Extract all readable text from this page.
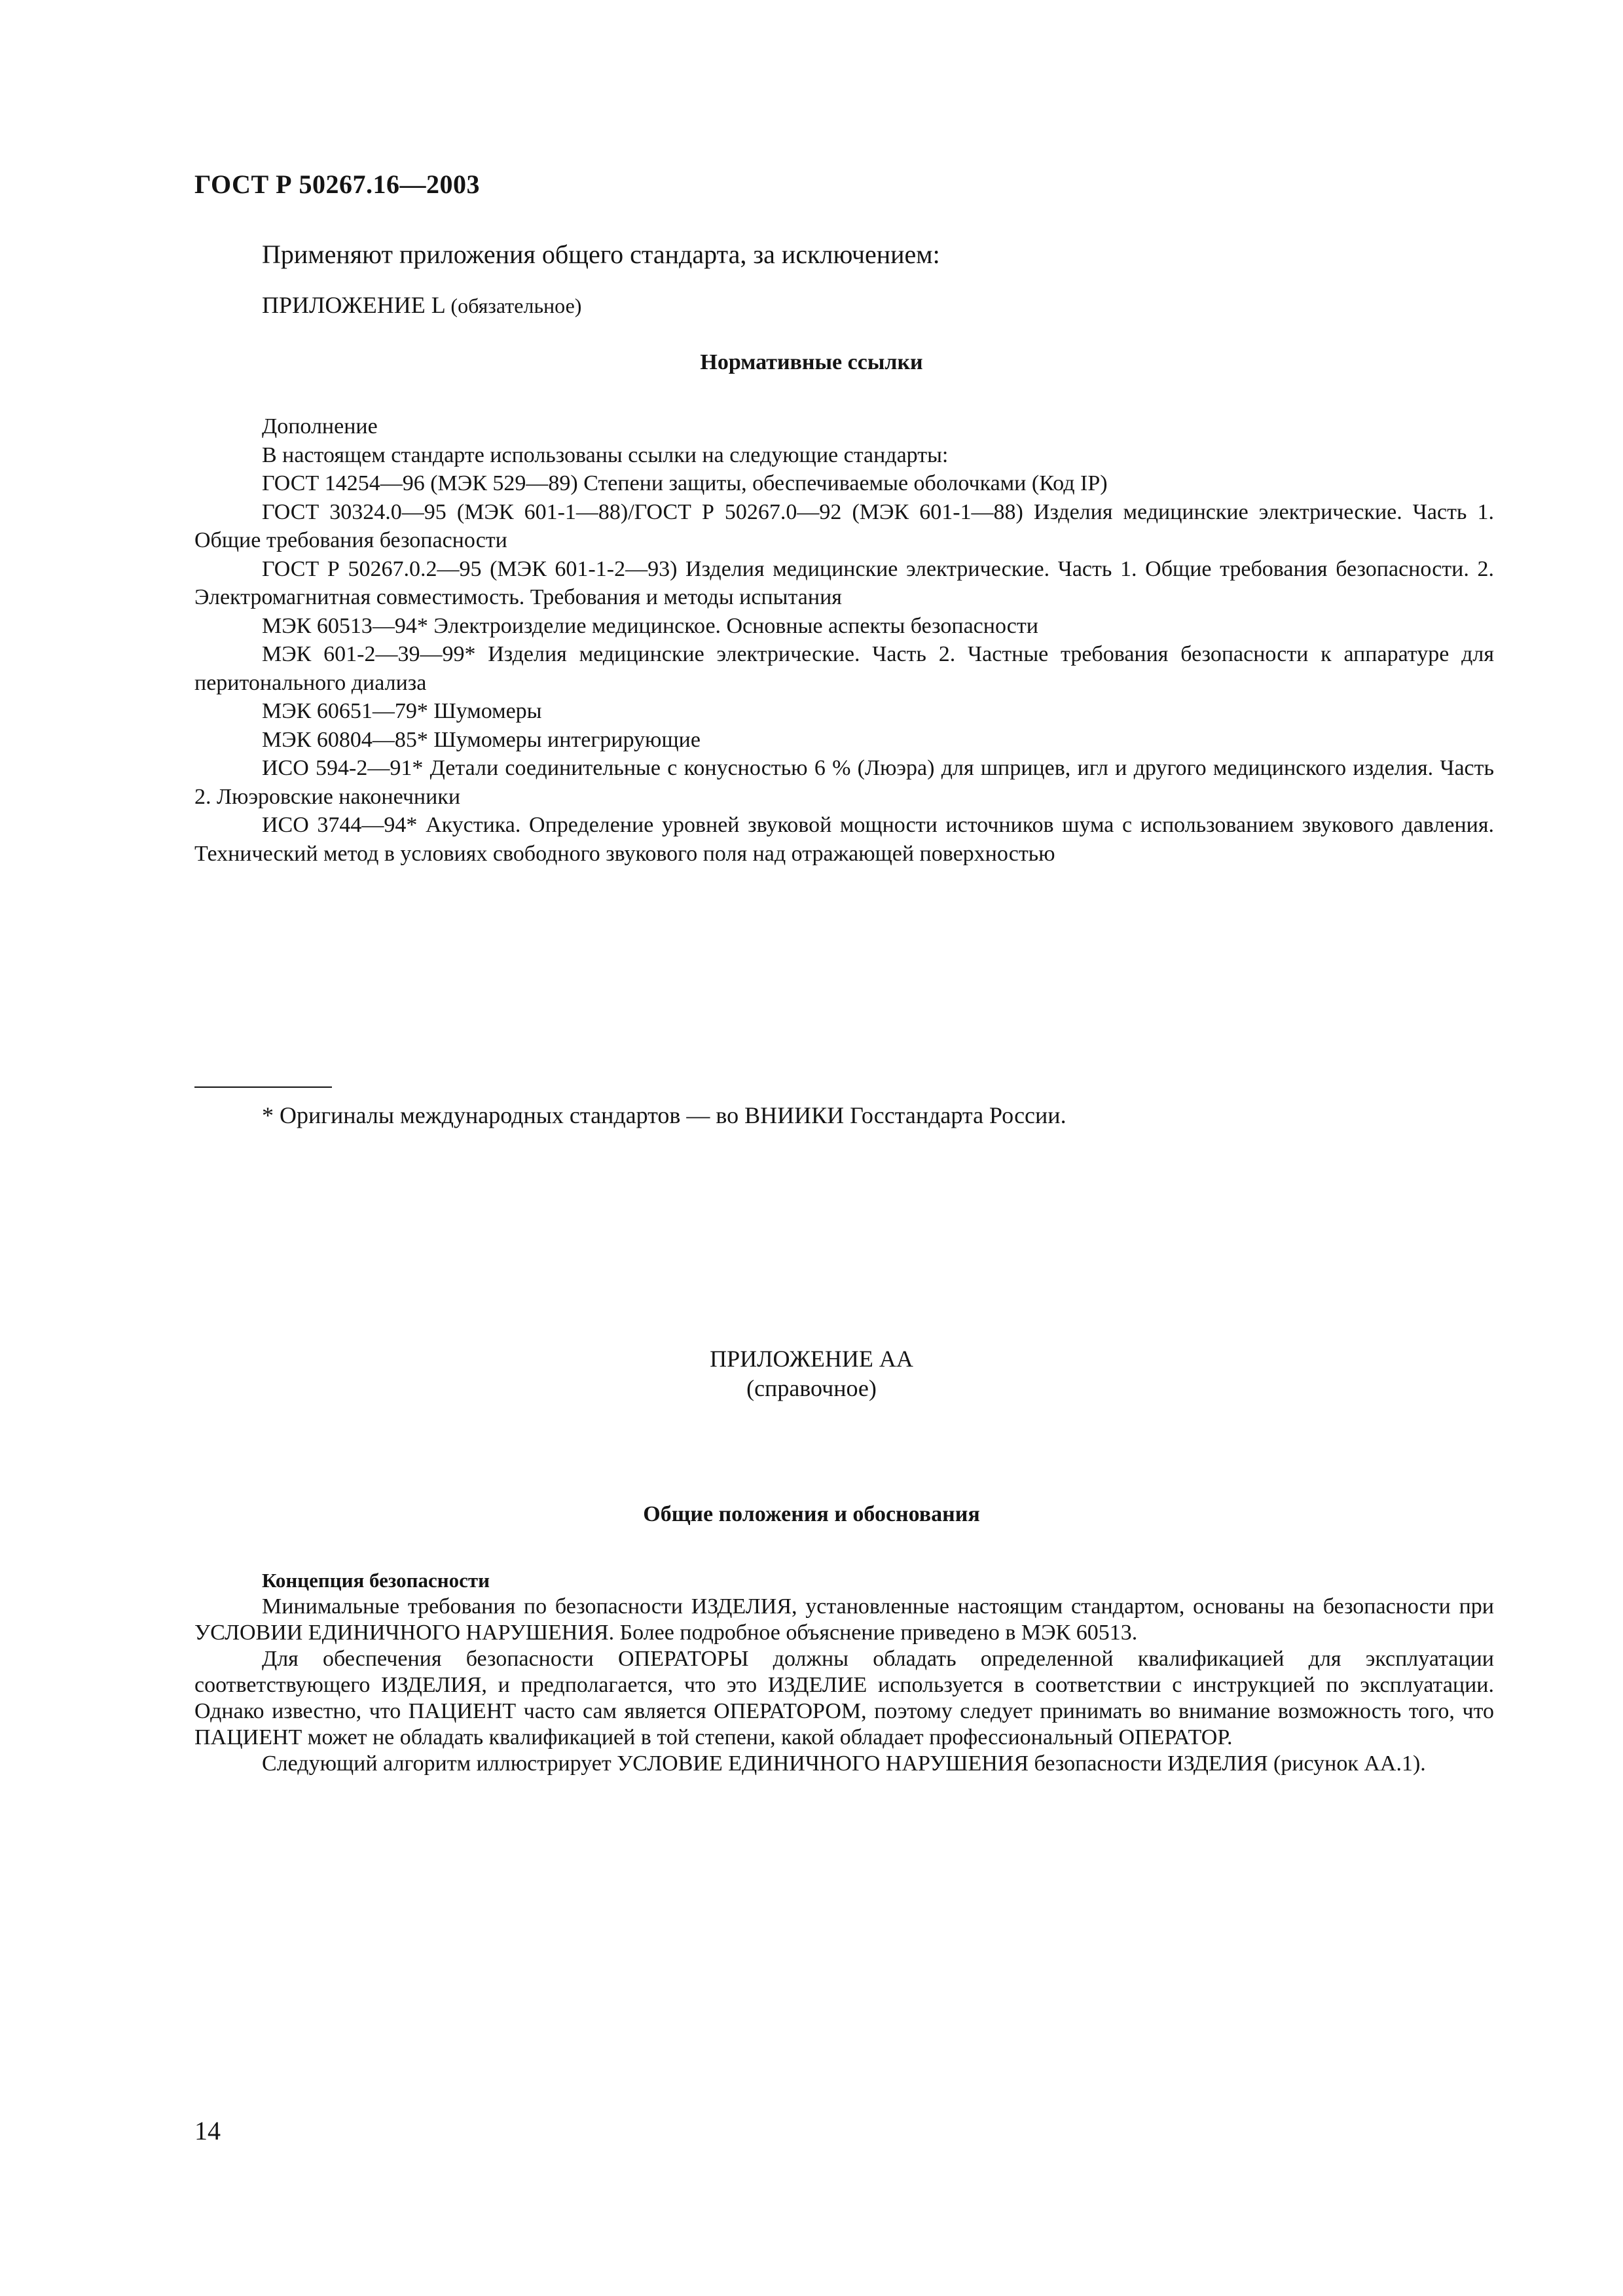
ГОСТ Р 50267.16—2003
Применяют приложения общего стандарта, за исключением:
ПРИЛОЖЕНИЕ L (обязательное)
Нормативные ссылки

Дополнение

В настоящем стандарте использованы ссылки на следующие стандарты:

ГОСТ 14254—96 (МЭК 529—89) Степени защиты, обеспечиваемые оболочками (Код IP)

ГОСТ 30324.0—95 (МЭК 601-1—88)/ГОСТ Р 50267.0—92 (МЭК 601-1—88) Изделия медицинские электрические. Часть 1. Общие требования безопасности

ГОСТ Р 50267.0.2—95 (МЭК 601-1-2—93) Изделия медицинские электрические. Часть 1. Общие требования безопасности. 2. Электромагнитная совместимость. Требования и методы испытания

МЭК 60513—94* Электроизделие медицинское. Основные аспекты безопасности

МЭК 601-2—39—99* Изделия медицинские электрические. Часть 2. Частные требования безопасности к аппаратуре для перитонального диализа

МЭК 60651—79* Шумомеры

МЭК 60804—85* Шумомеры интегрирующие

ИСО 594-2—91* Детали соединительные с конусностью 6 % (Люэра) для шприцев, игл и другого медицинского изделия. Часть 2. Люэровские наконечники

ИСО 3744—94* Акустика. Определение уровней звуковой мощности источников шума с использованием звукового давления. Технический метод в условиях свободного звукового поля над отражающей поверхностью

* Оригиналы международных стандартов — во ВНИИКИ Госстандарта России.
ПРИЛОЖЕНИЕ АА
(справочное)
Общие положения и обоснования

Концепция безопасности

Минимальные требования по безопасности ИЗДЕЛИЯ, установленные настоящим стандартом, основаны на безопасности при УСЛОВИИ ЕДИНИЧНОГО НАРУШЕНИЯ. Более подробное объяснение приведено в МЭК 60513.

Для обеспечения безопасности ОПЕРАТОРЫ должны обладать определенной квалификацией для эксплуатации соответствующего ИЗДЕЛИЯ, и предполагается, что это ИЗДЕЛИЕ используется в соответствии с инструкцией по эксплуатации. Однако известно, что ПАЦИЕНТ часто сам является ОПЕРАТОРОМ, поэтому следует принимать во внимание возможность того, что ПАЦИЕНТ может не обладать квалификацией в той степени, какой обладает профессиональный ОПЕРАТОР.

Следующий алгоритм иллюстрирует УСЛОВИЕ ЕДИНИЧНОГО НАРУШЕНИЯ безопасности ИЗДЕЛИЯ (рисунок АА.1).

14
